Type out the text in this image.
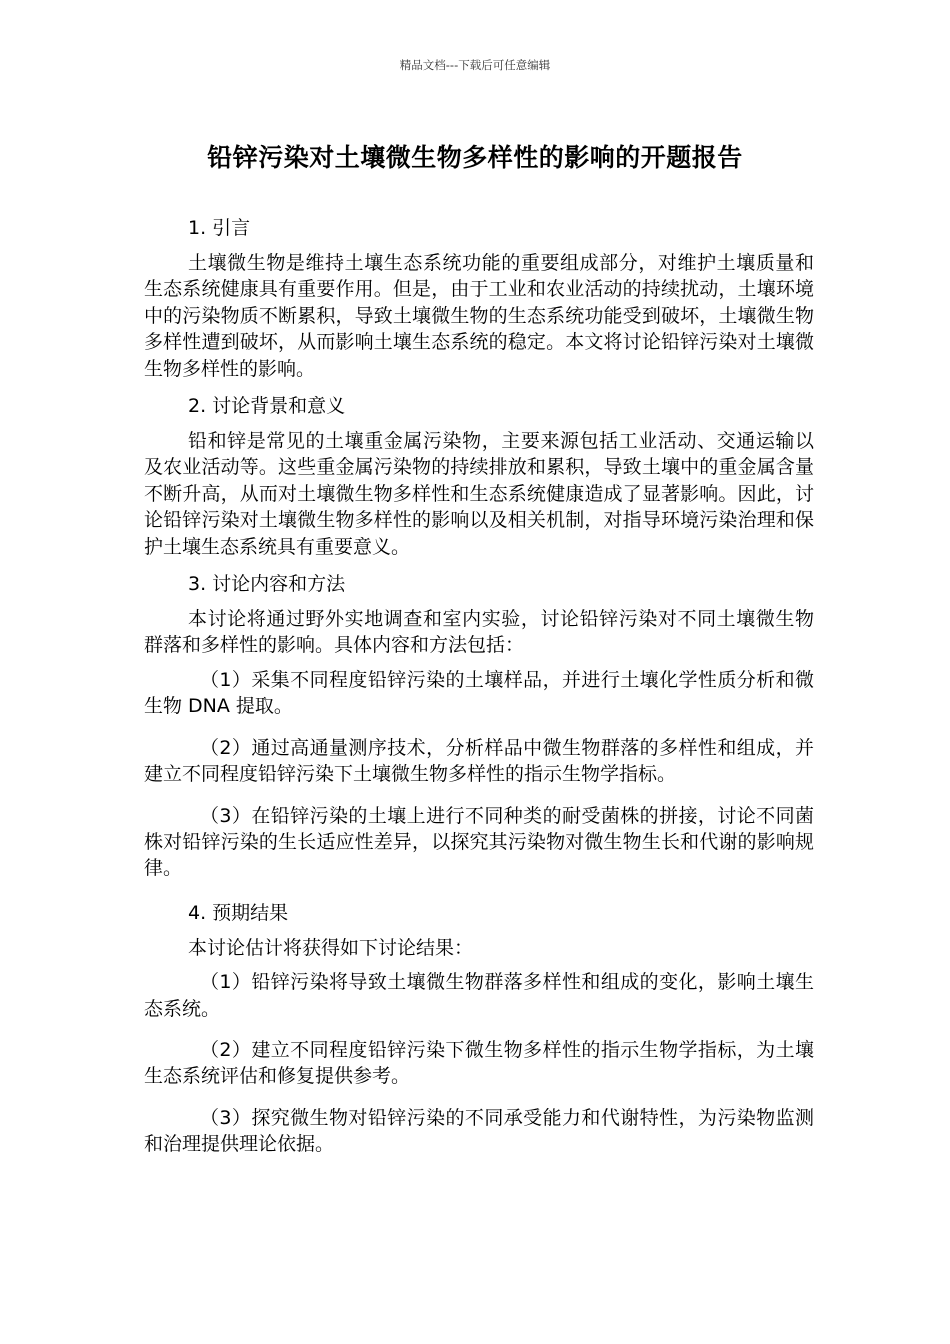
精品文档---下载后可任意编辑
铅锌污染对土壤微生物多样性的影响的开题报告
1. 引言

土壤微生物是维持土壤生态系统功能的重要组成部分，对维护土壤质量和生态系统健康具有重要作用。但是，由于工业和农业活动的持续扰动，土壤环境中的污染物质不断累积，导致土壤微生物的生态系统功能受到破坏，土壤微生物多样性遭到破坏，从而影响土壤生态系统的稳定。本文将讨论铅锌污染对土壤微生物多样性的影响。

2. 讨论背景和意义

铅和锌是常见的土壤重金属污染物，主要来源包括工业活动、交通运输以及农业活动等。这些重金属污染物的持续排放和累积，导致土壤中的重金属含量不断升高，从而对土壤微生物多样性和生态系统健康造成了显著影响。因此，讨论铅锌污染对土壤微生物多样性的影响以及相关机制，对指导环境污染治理和保护土壤生态系统具有重要意义。

3. 讨论内容和方法

本讨论将通过野外实地调查和室内实验，讨论铅锌污染对不同土壤微生物群落和多样性的影响。具体内容和方法包括：

（1）采集不同程度铅锌污染的土壤样品，并进行土壤化学性质分析和微生物 DNA 提取。

（2）通过高通量测序技术，分析样品中微生物群落的多样性和组成，并建立不同程度铅锌污染下土壤微生物多样性的指示生物学指标。

（3）在铅锌污染的土壤上进行不同种类的耐受菌株的拼接，讨论不同菌株对铅锌污染的生长适应性差异，以探究其污染物对微生物生长和代谢的影响规律。

4. 预期结果

本讨论估计将获得如下讨论结果：

（1）铅锌污染将导致土壤微生物群落多样性和组成的变化，影响土壤生态系统。

（2）建立不同程度铅锌污染下微生物多样性的指示生物学指标，为土壤生态系统评估和修复提供参考。

（3）探究微生物对铅锌污染的不同承受能力和代谢特性，为污染物监测和治理提供理论依据。
